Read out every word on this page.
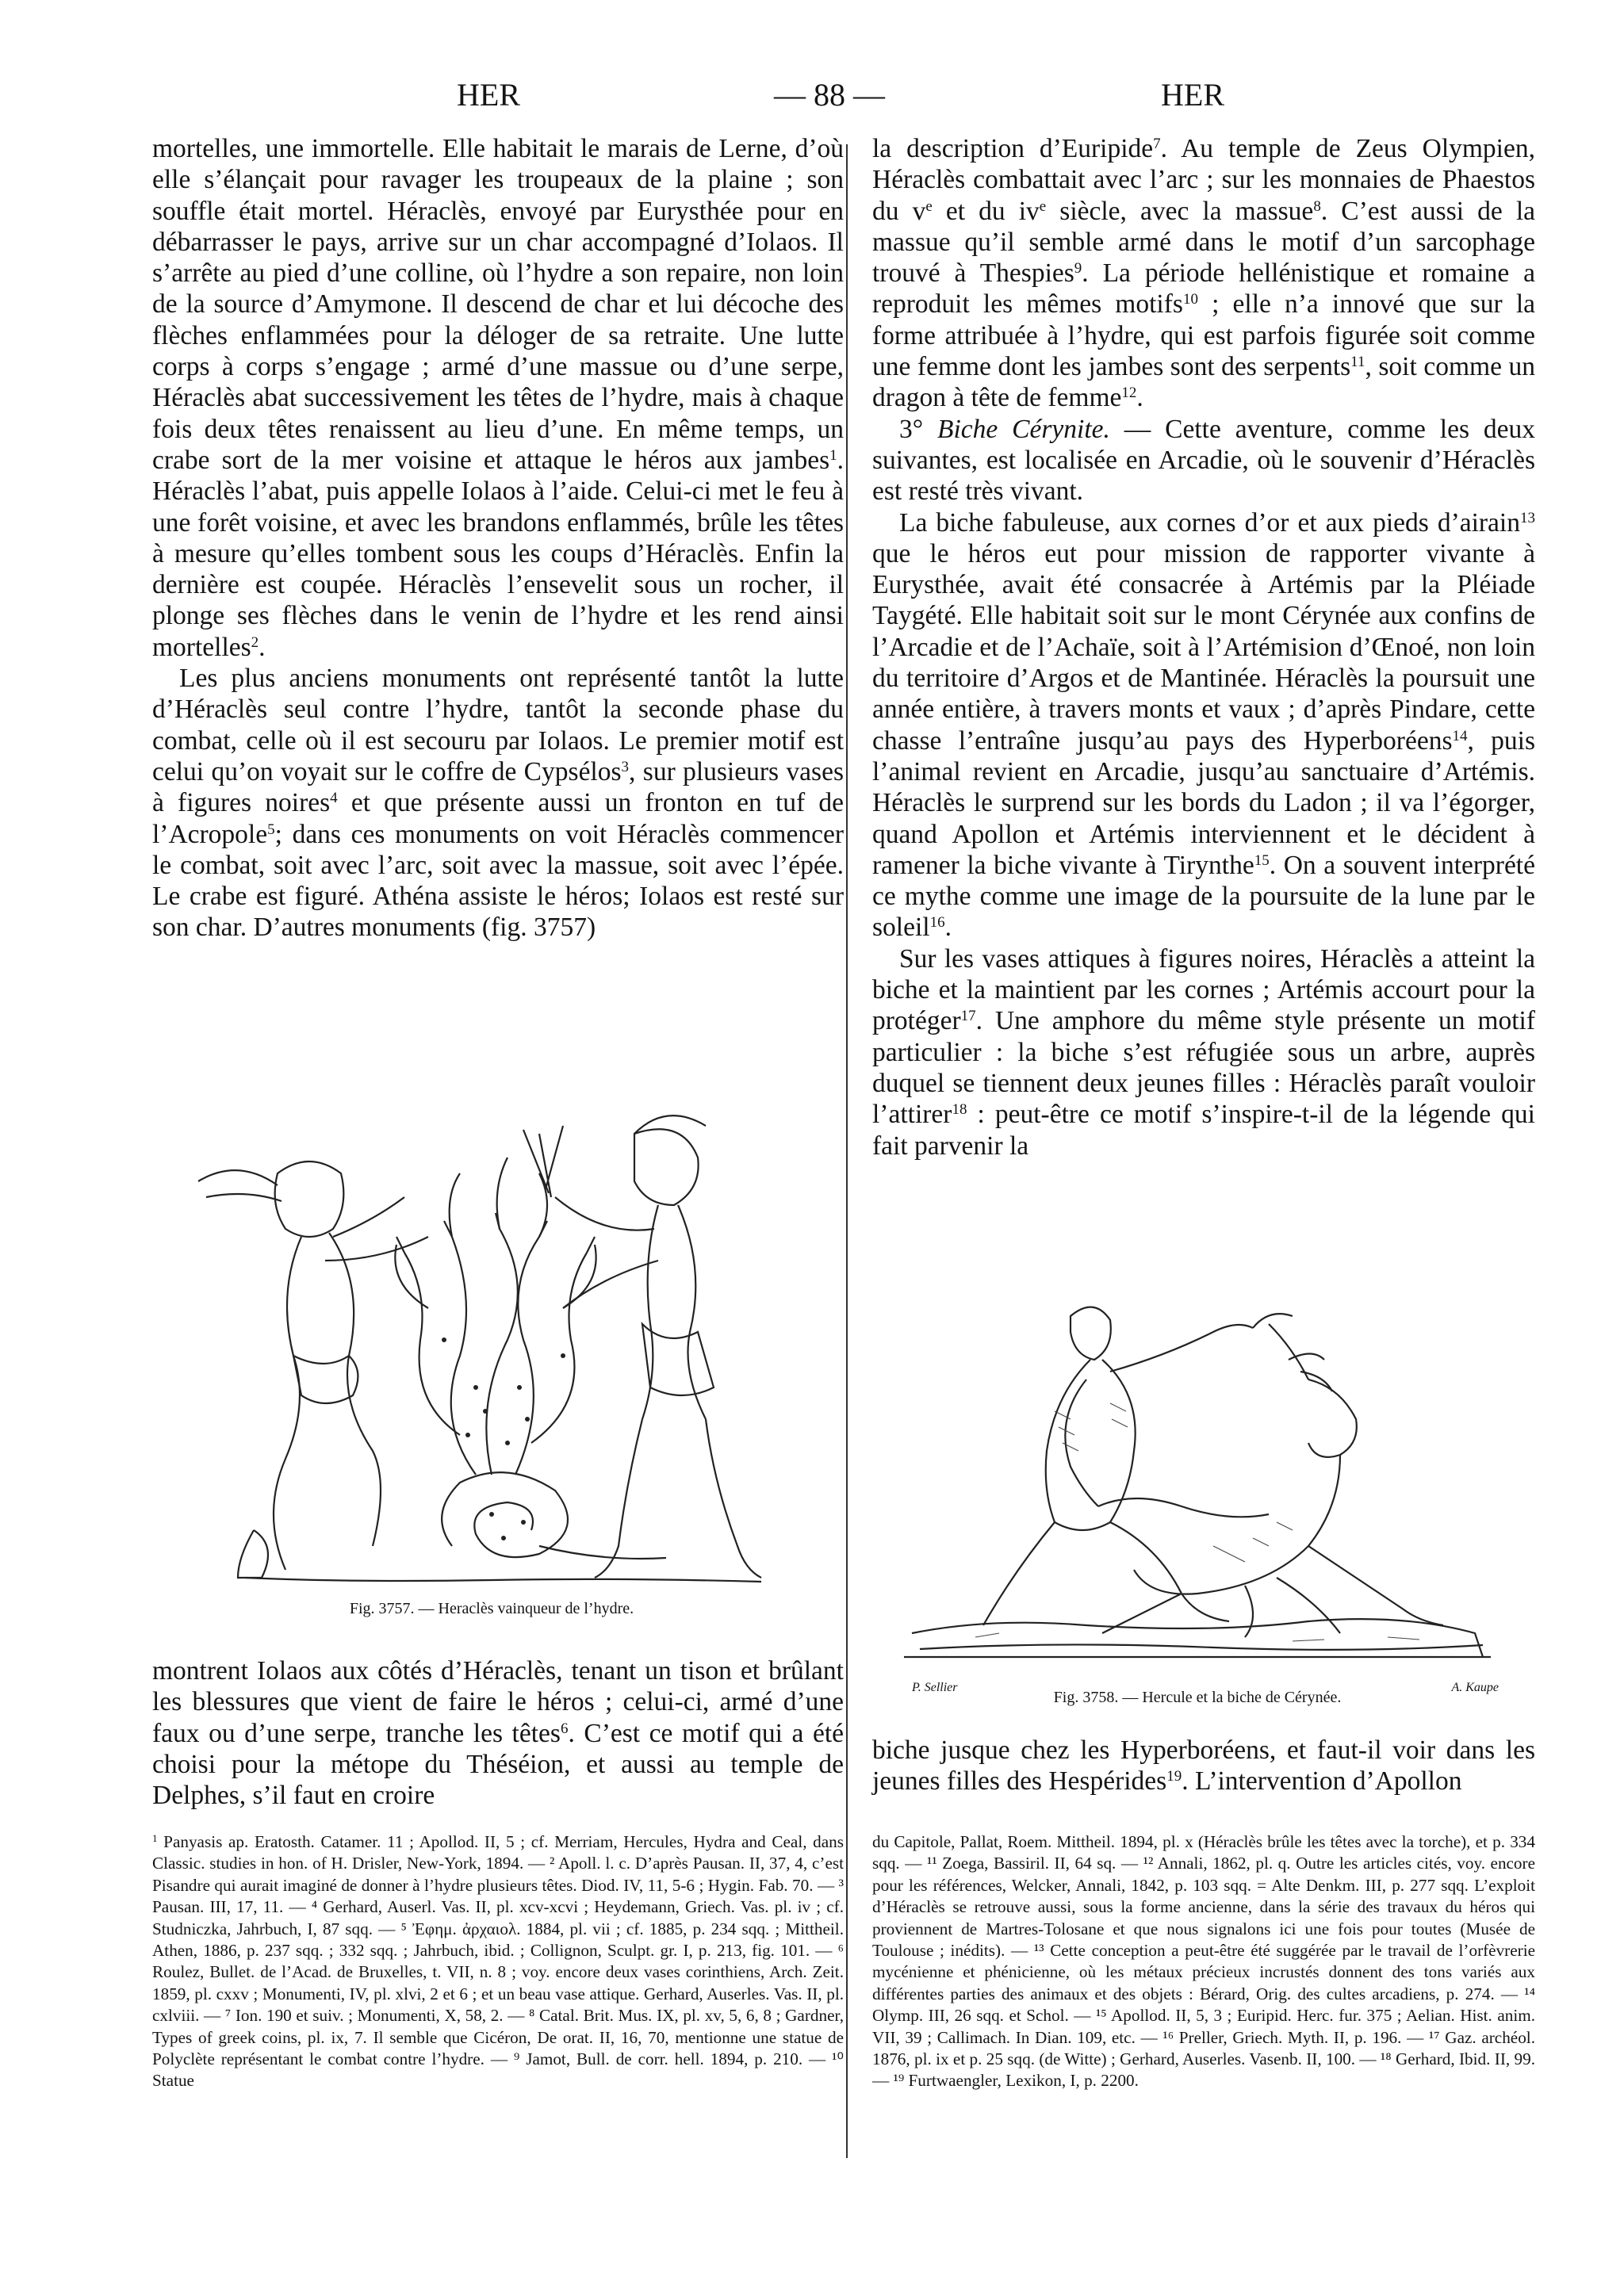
HER	— 88 —	HER

mortelles, une immortelle. Elle habitait le marais de Lerne, d’où elle s’élançait pour ravager les troupeaux de la plaine ; son souffle était mortel. Héraclès, envoyé par Eurysthée pour en débarrasser le pays, arrive sur un char accompagné d’Iolaos. Il s’arrête au pied d’une colline, où l’hydre a son repaire, non loin de la source d’Amymone. Il descend de char et lui décoche des flèches enflammées pour la déloger de sa retraite. Une lutte corps à corps s’engage ; armé d’une massue ou d’une serpe, Héraclès abat successivement les têtes de l’hydre, mais à chaque fois deux têtes renaissent au lieu d’une. En même temps, un crabe sort de la mer voisine et attaque le héros aux jambes$^1$. Héraclès l’abat, puis appelle Iolaos à l’aide. Celui-ci met le feu à une forêt voisine, et avec les brandons enflammés, brûle les têtes à mesure qu’elles tombent sous les coups d’Héraclès. Enfin la dernière est coupée. Héraclès l’ensevelit sous un rocher, il plonge ses flèches dans le venin de l’hydre et les rend ainsi mortelles$^2$.

Les plus anciens monuments ont représenté tantôt la lutte d’Héraclès seul contre l’hydre, tantôt la seconde phase du combat, celle où il est secouru par Iolaos. Le premier motif est celui qu’on voyait sur le coffre de Cypsélos$^3$, sur plusieurs vases à figures noires$^4$ et que présente aussi un fronton en tuf de l’Acropole$^5$; dans ces monuments on voit Héraclès commencer le combat, soit avec l’arc, soit avec la massue, soit avec l’épée. Le crabe est figuré. Athéna assiste le héros; Iolaos est resté sur son char. D’autres monuments (fig. 3757)

Fig. 3757. — Heraclès vainqueur de l’hydre.

montrent Iolaos aux côtés d’Héraclès, tenant un tison et brûlant les blessures que vient de faire le héros ; celui-ci, armé d’une faux ou d’une serpe, tranche les têtes$^6$. C’est ce motif qui a été choisi pour la métope du Théséion, et aussi au temple de Delphes, s’il faut en croire

la description d’Euripide$^7$. Au temple de Zeus Olympien, Héraclès combattait avec l’arc ; sur les monnaies de Phaestos du $v^e$ et du $iv^e$ siècle, avec la massue$^8$. C’est aussi de la massue qu’il semble armé dans le motif d’un sarcophage trouvé à Thespies$^9$. La période hellénistique et romaine a reproduit les mêmes motifs$^{10}$ ; elle n’a innové que sur la forme attribuée à l’hydre, qui est parfois figurée soit comme une femme dont les jambes sont des serpents$^{11}$, soit comme un dragon à tête de femme$^{12}$.

3° Biche Cérynite. — Cette aventure, comme les deux suivantes, est localisée en Arcadie, où le souvenir d’Héraclès est resté très vivant.

La biche fabuleuse, aux cornes d’or et aux pieds d’airain$^{13}$ que le héros eut pour mission de rapporter vivante à Eurysthée, avait été consacrée à Artémis par la Pléiade Taygété. Elle habitait soit sur le mont Cérynée aux confins de l’Arcadie et de l’Achaïe, soit à l’Artémision d’Œnoé, non loin du territoire d’Argos et de Mantinée. Héraclès la poursuit une année entière, à travers monts et vaux ; d’après Pindare, cette chasse l’entraîne jusqu’au pays des Hyperboréens$^{14}$, puis l’animal revient en Arcadie, jusqu’au sanctuaire d’Artémis. Héraclès le surprend sur les bords du Ladon ; il va l’égorger, quand Apollon et Artémis interviennent et le décident à ramener la biche vivante à Tirynthe$^{15}$. On a souvent interprété ce mythe comme une image de la poursuite de la lune par le soleil$^{16}$.

Sur les vases attiques à figures noires, Héraclès a atteint la biche et la maintient par les cornes ; Artémis accourt pour la protéger$^{17}$. Une amphore du même style présente un motif particulier : la biche s’est réfugiée sous un arbre, auprès duquel se tiennent deux jeunes filles : Héraclès paraît vouloir l’attirer$^{18}$ : peut-être ce motif s’inspire-t-il de la légende qui fait parvenir la

P. Sellier	A. Kaupe
Fig. 3758. — Hercule et la biche de Cérynée.

biche jusque chez les Hyperboréens, et faut-il voir dans les jeunes filles des Hespérides$^{19}$. L’intervention d’Apollon

$^1$ Panyasis ap. Eratosth. Catamer. 11 ; Apollod. II, 5 ; cf. Merriam, Hercules, Hydra and Ceal, dans Classic. studies in hon. of H. Drisler, New-York, 1894. — ² Apoll. l. c. D’après Pausan. II, 37, 4, c’est Pisandre qui aurait imaginé de donner à l’hydre plusieurs têtes. Diod. IV, 11, 5-6 ; Hygin. Fab. 70. — ³ Pausan. III, 17, 11. — ⁴ Gerhard, Auserl. Vas. II, pl. xcv-xcvi ; Heydemann, Griech. Vas. pl. iv ; cf. Studniczka, Jahrbuch, I, 87 sqq. — ⁵ Ἐφημ. ἀρχαιολ. 1884, pl. vii ; cf. 1885, p. 234 sqq. ; Mittheil. Athen, 1886, p. 237 sqq. ; 332 sqq. ; Jahrbuch, ibid. ; Collignon, Sculpt. gr. I, p. 213, fig. 101. — ⁶ Roulez, Bullet. de l’Acad. de Bruxelles, t. VII, n. 8 ; voy. encore deux vases corinthiens, Arch. Zeit. 1859, pl. cxxv ; Monumenti, IV, pl. xlvi, 2 et 6 ; et un beau vase attique. Gerhard, Auserles. Vas. II, pl. cxlviii. — ⁷ Ion. 190 et suiv. ; Monumenti, X, 58, 2. — ⁸ Catal. Brit. Mus. IX, pl. xv, 5, 6, 8 ; Gardner, Types of greek coins, pl. ix, 7. Il semble que Cicéron, De orat. II, 16, 70, mentionne une statue de Polyclète représentant le combat contre l’hydre. — ⁹ Jamot, Bull. de corr. hell. 1894, p. 210. — ¹⁰ Statue

du Capitole, Pallat, Roem. Mittheil. 1894, pl. x (Héraclès brûle les têtes avec la torche), et p. 334 sqq. — ¹¹ Zoega, Bassiril. II, 64 sq. — ¹² Annali, 1862, pl. q. Outre les articles cités, voy. encore pour les références, Welcker, Annali, 1842, p. 103 sqq. = Alte Denkm. III, p. 277 sqq. L’exploit d’Héraclès se retrouve aussi, sous la forme ancienne, dans la série des travaux du héros qui proviennent de Martres-Tolosane et que nous signalons ici une fois pour toutes (Musée de Toulouse ; inédits). — ¹³ Cette conception a peut-être été suggérée par le travail de l’orfèvrerie mycénienne et phénicienne, où les métaux précieux incrustés donnent des tons variés aux différentes parties des animaux et des objets : Bérard, Orig. des cultes arcadiens, p. 274. — ¹⁴ Olymp. III, 26 sqq. et Schol. — ¹⁵ Apollod. II, 5, 3 ; Euripid. Herc. fur. 375 ; Aelian. Hist. anim. VII, 39 ; Callimach. In Dian. 109, etc. — ¹⁶ Preller, Griech. Myth. II, p. 196. — ¹⁷ Gaz. archéol. 1876, pl. ix et p. 25 sqq. (de Witte) ; Gerhard, Auserles. Vasenb. II, 100. — ¹⁸ Gerhard, Ibid. II, 99. — ¹⁹ Furtwaengler, Lexikon, I, p. 2200.
